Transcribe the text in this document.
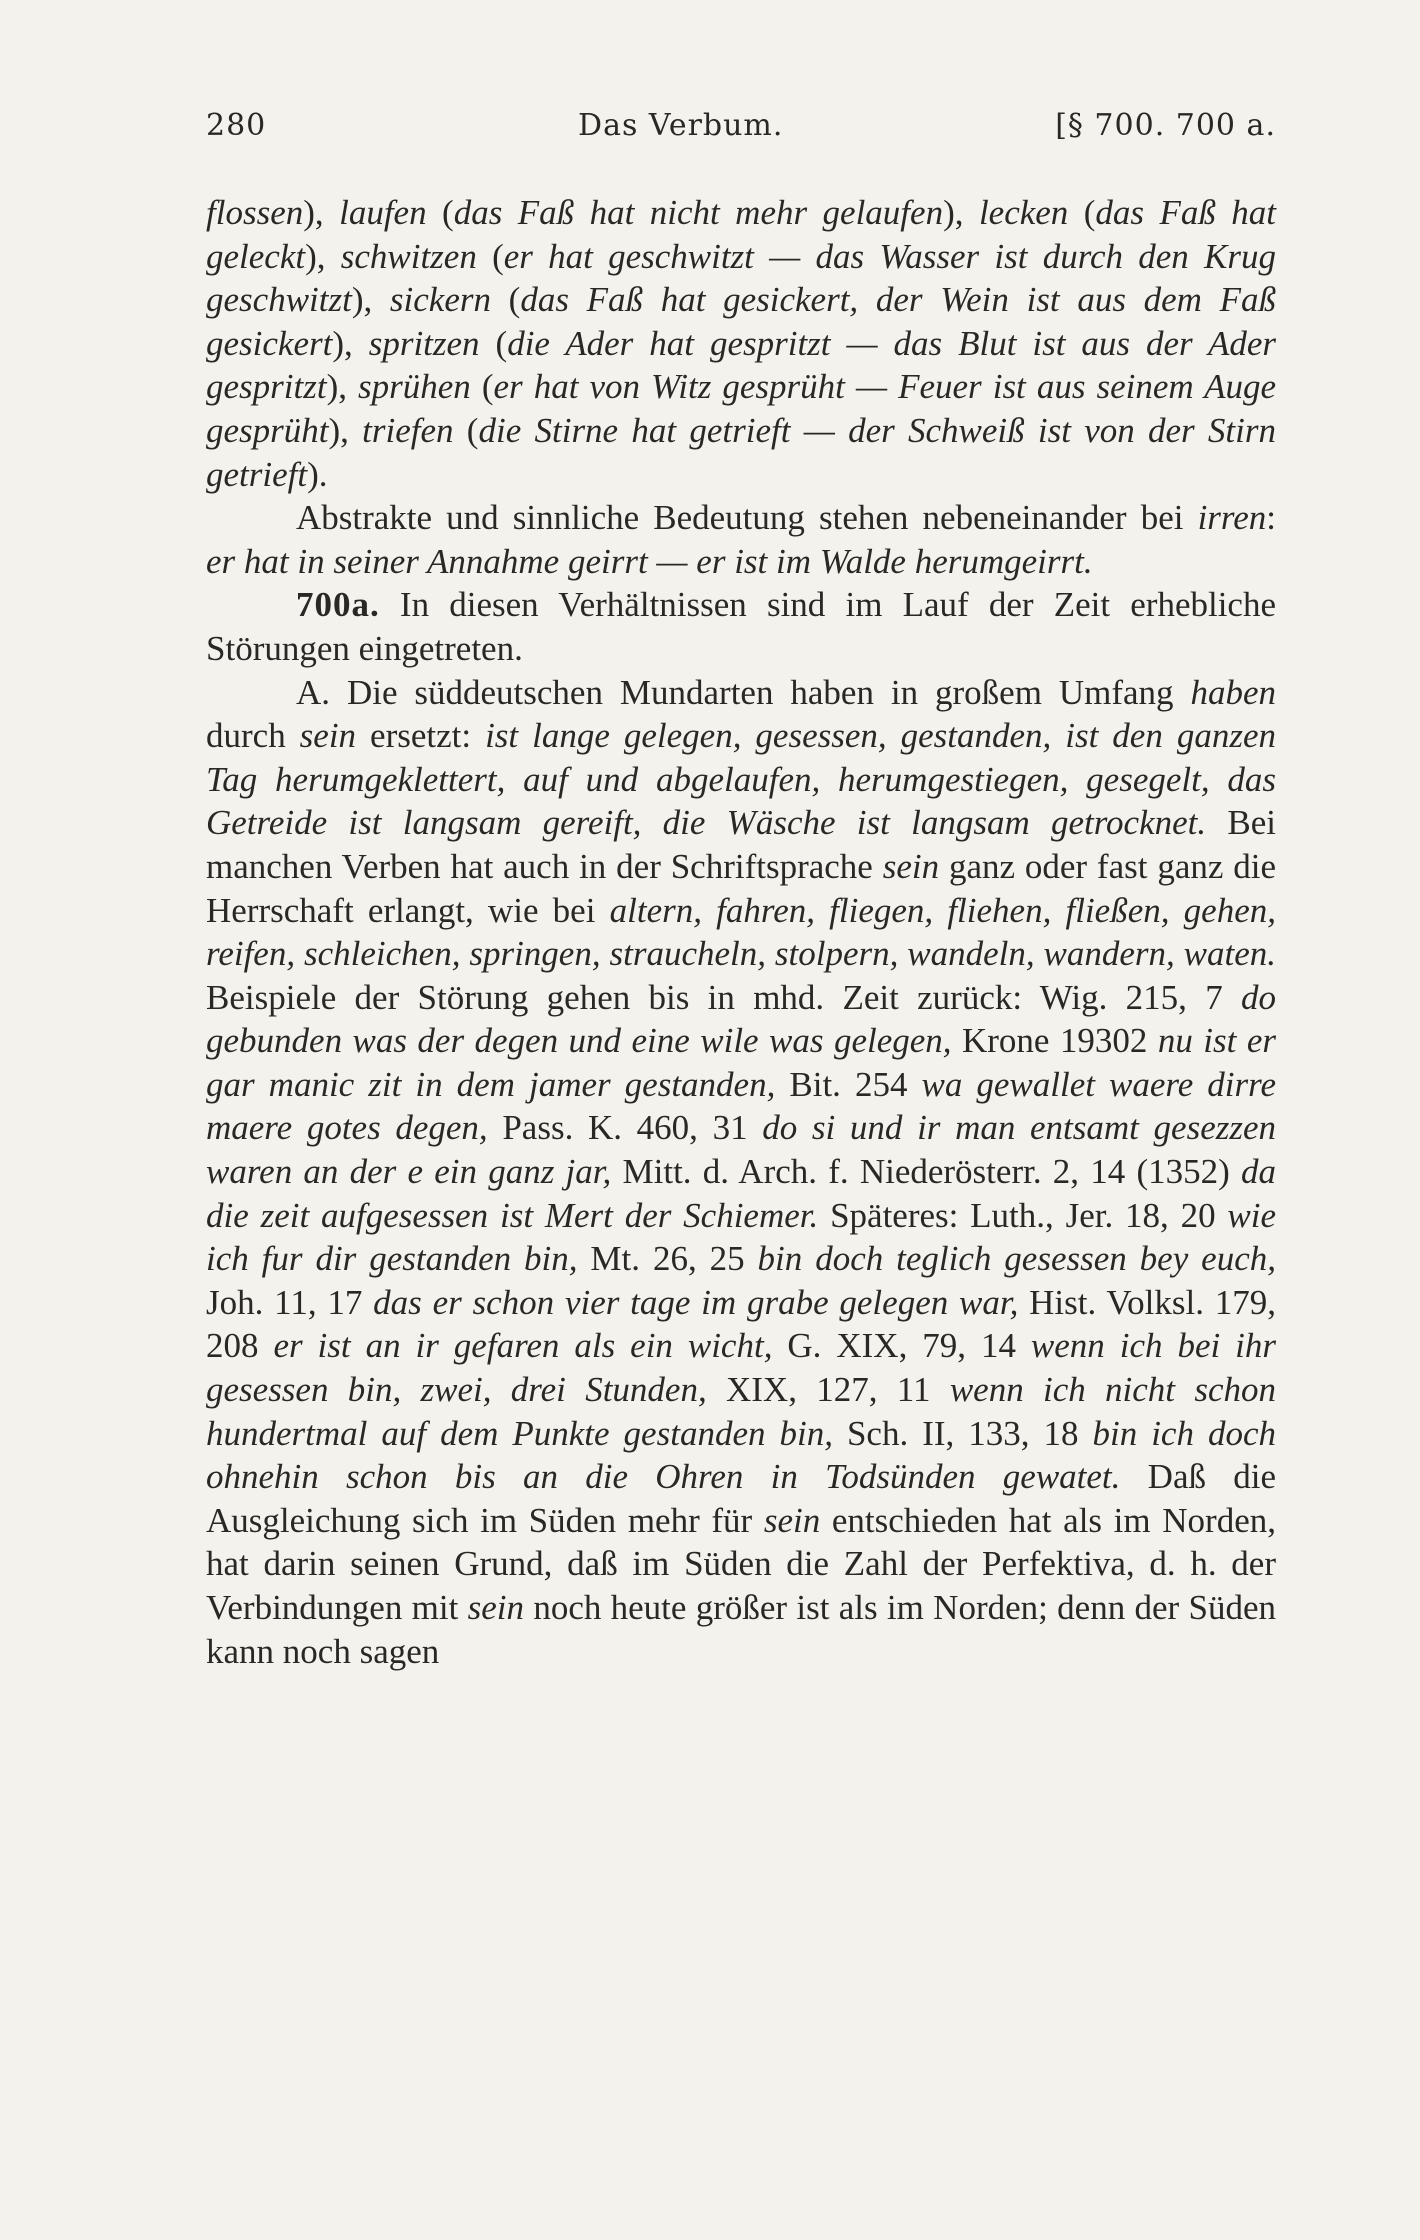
280	Das Verbum.	[§ 700. 700 a.

flossen), laufen (das Faß hat nicht mehr gelaufen), lecken (das Faß hat geleckt), schwitzen (er hat geschwitzt — das Wasser ist durch den Krug geschwitzt), sickern (das Faß hat gesickert, der Wein ist aus dem Faß gesickert), spritzen (die Ader hat gespritzt — das Blut ist aus der Ader gespritzt), sprühen (er hat von Witz gesprüht — Feuer ist aus seinem Auge gesprüht), triefen (die Stirne hat getrieft — der Schweiß ist von der Stirn getrieft).

Abstrakte und sinnliche Bedeutung stehen nebeneinander bei irren: er hat in seiner Annahme geirrt — er ist im Walde herumgeirrt.

700a. In diesen Verhältnissen sind im Lauf der Zeit erhebliche Störungen eingetreten.

A. Die süddeutschen Mundarten haben in großem Umfang haben durch sein ersetzt: ist lange gelegen, gesessen, gestanden, ist den ganzen Tag herumgeklettert, auf und abgelaufen, herumgestiegen, gesegelt, das Getreide ist langsam gereift, die Wäsche ist langsam getrocknet. Bei manchen Verben hat auch in der Schriftsprache sein ganz oder fast ganz die Herrschaft erlangt, wie bei altern, fahren, fliegen, fliehen, fließen, gehen, reifen, schleichen, springen, straucheln, stolpern, wandeln, wandern, waten. Beispiele der Störung gehen bis in mhd. Zeit zurück: Wig. 215, 7 do gebunden was der degen und eine wile was gelegen, Krone 19302 nu ist er gar manic zit in dem jamer gestanden, Bit. 254 wa gewallet waere dirre maere gotes degen, Pass. K. 460, 31 do si und ir man entsamt gesezzen waren an der e ein ganz jar, Mitt. d. Arch. f. Niederösterr. 2, 14 (1352) da die zeit aufgesessen ist Mert der Schiemer. Späteres: Luth., Jer. 18, 20 wie ich fur dir gestanden bin, Mt. 26, 25 bin doch teglich gesessen bey euch, Joh. 11, 17 das er schon vier tage im grabe gelegen war, Hist. Volksl. 179, 208 er ist an ir gefaren als ein wicht, G. XIX, 79, 14 wenn ich bei ihr gesessen bin, zwei, drei Stunden, XIX, 127, 11 wenn ich nicht schon hundertmal auf dem Punkte gestanden bin, Sch. II, 133, 18 bin ich doch ohnehin schon bis an die Ohren in Todsünden gewatet. Daß die Ausgleichung sich im Süden mehr für sein entschieden hat als im Norden, hat darin seinen Grund, daß im Süden die Zahl der Perfektiva, d. h. der Verbindungen mit sein noch heute größer ist als im Norden; denn der Süden kann noch sagen
